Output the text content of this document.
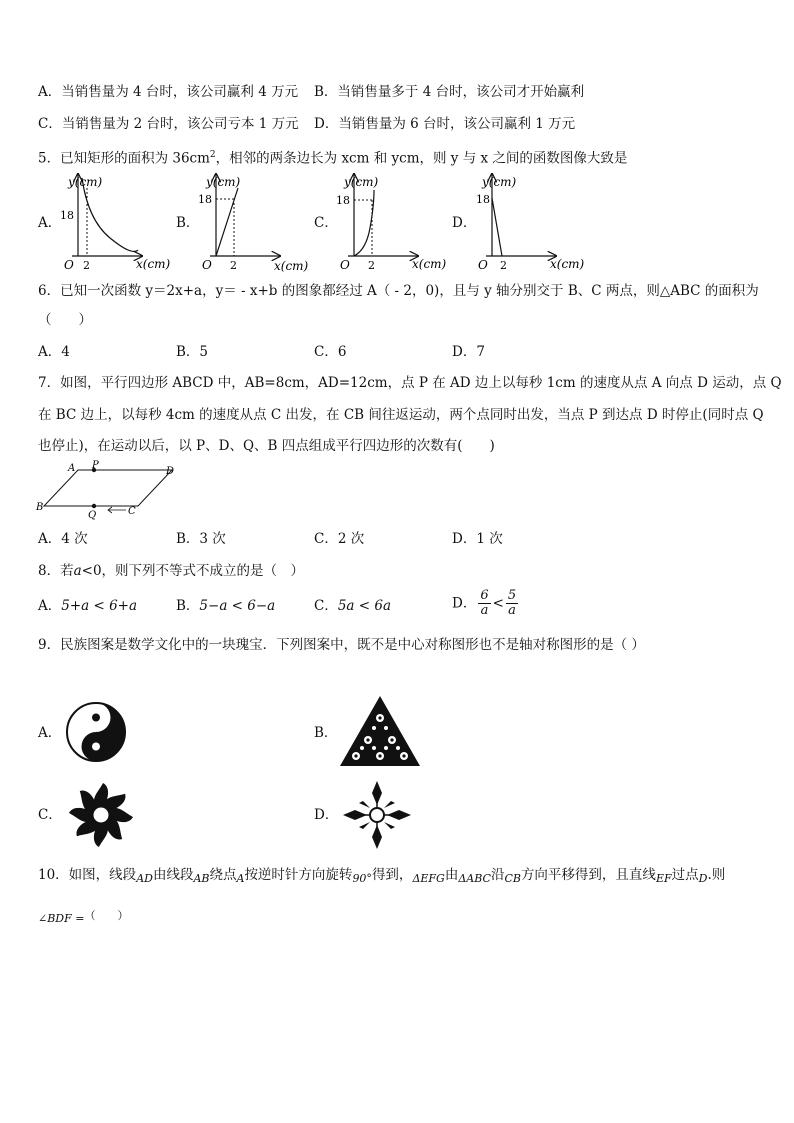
A．当销售量为 4 台时，该公司赢利 4 万元 B．当销售量多于 4 台时，该公司才开始赢利
C．当销售量为 2 台时，该公司亏本 1 万元 D．当销售量为 6 台时，该公司赢利 1 万元
5．已知矩形的面积为 $36cm^2$，相邻的两条边长为 xcm 和 ycm，则 y 与 x 之间的函数图像大致是
A．	B．	C．	D．
y(cm)
18
O 2	x(cm)
y(cm)
18
O 2	x(cm)
y(cm)
18
O 2	x(cm)
y(cm)
18
O 2	x(cm)
6．已知一次函数 y＝2x+a，y＝ - x+b 的图象都经过 A（ - 2，0)，且与 y 轴分别交于 B、C 两点，则△ABC 的面积为
（　　）
A．4	B．5	C．6	D．7
7．如图，平行四边形 ABCD 中，AB=8cm，AD=12cm，点 P 在 AD 边上以每秒 1cm 的速度从点 A 向点 D 运动，点 Q
在 BC 边上，以每秒 4cm 的速度从点 C 出发，在 CB 间往返运动，两个点同时出发，当点 P 到达点 D 时停止(同时点 Q
也停止)，在运动以后，以 P、D、Q、B 四点组成平行四边形的次数有(　　)
A P
D
B
Q	C
A．4 次	B．3 次	C．2 次	D．1 次
8．若a<0，则下列不等式不成立的是（　）
A．5+a < 6+a	B．5−a < 6−a	C．5a < 6a	D． $\frac{6}{a} < \frac{5}{a}$
9．民族图案是数学文化中的一块瑰宝．下列图案中，既不是中心对称图形也不是轴对称图形的是（ ）
A．	B．
C．	D．
10．如图，线段$_{AD}$由线段$_{AB}$绕点$_A$按逆时针方向旋转$_{90^\circ}$得到，$_{\Delta EFG}$由$_{\Delta ABC}$沿$_{CB}$方向平移得到，且直线$_{EF}$过点$_D$.则
$_{\angle BDF =}$（　　）
